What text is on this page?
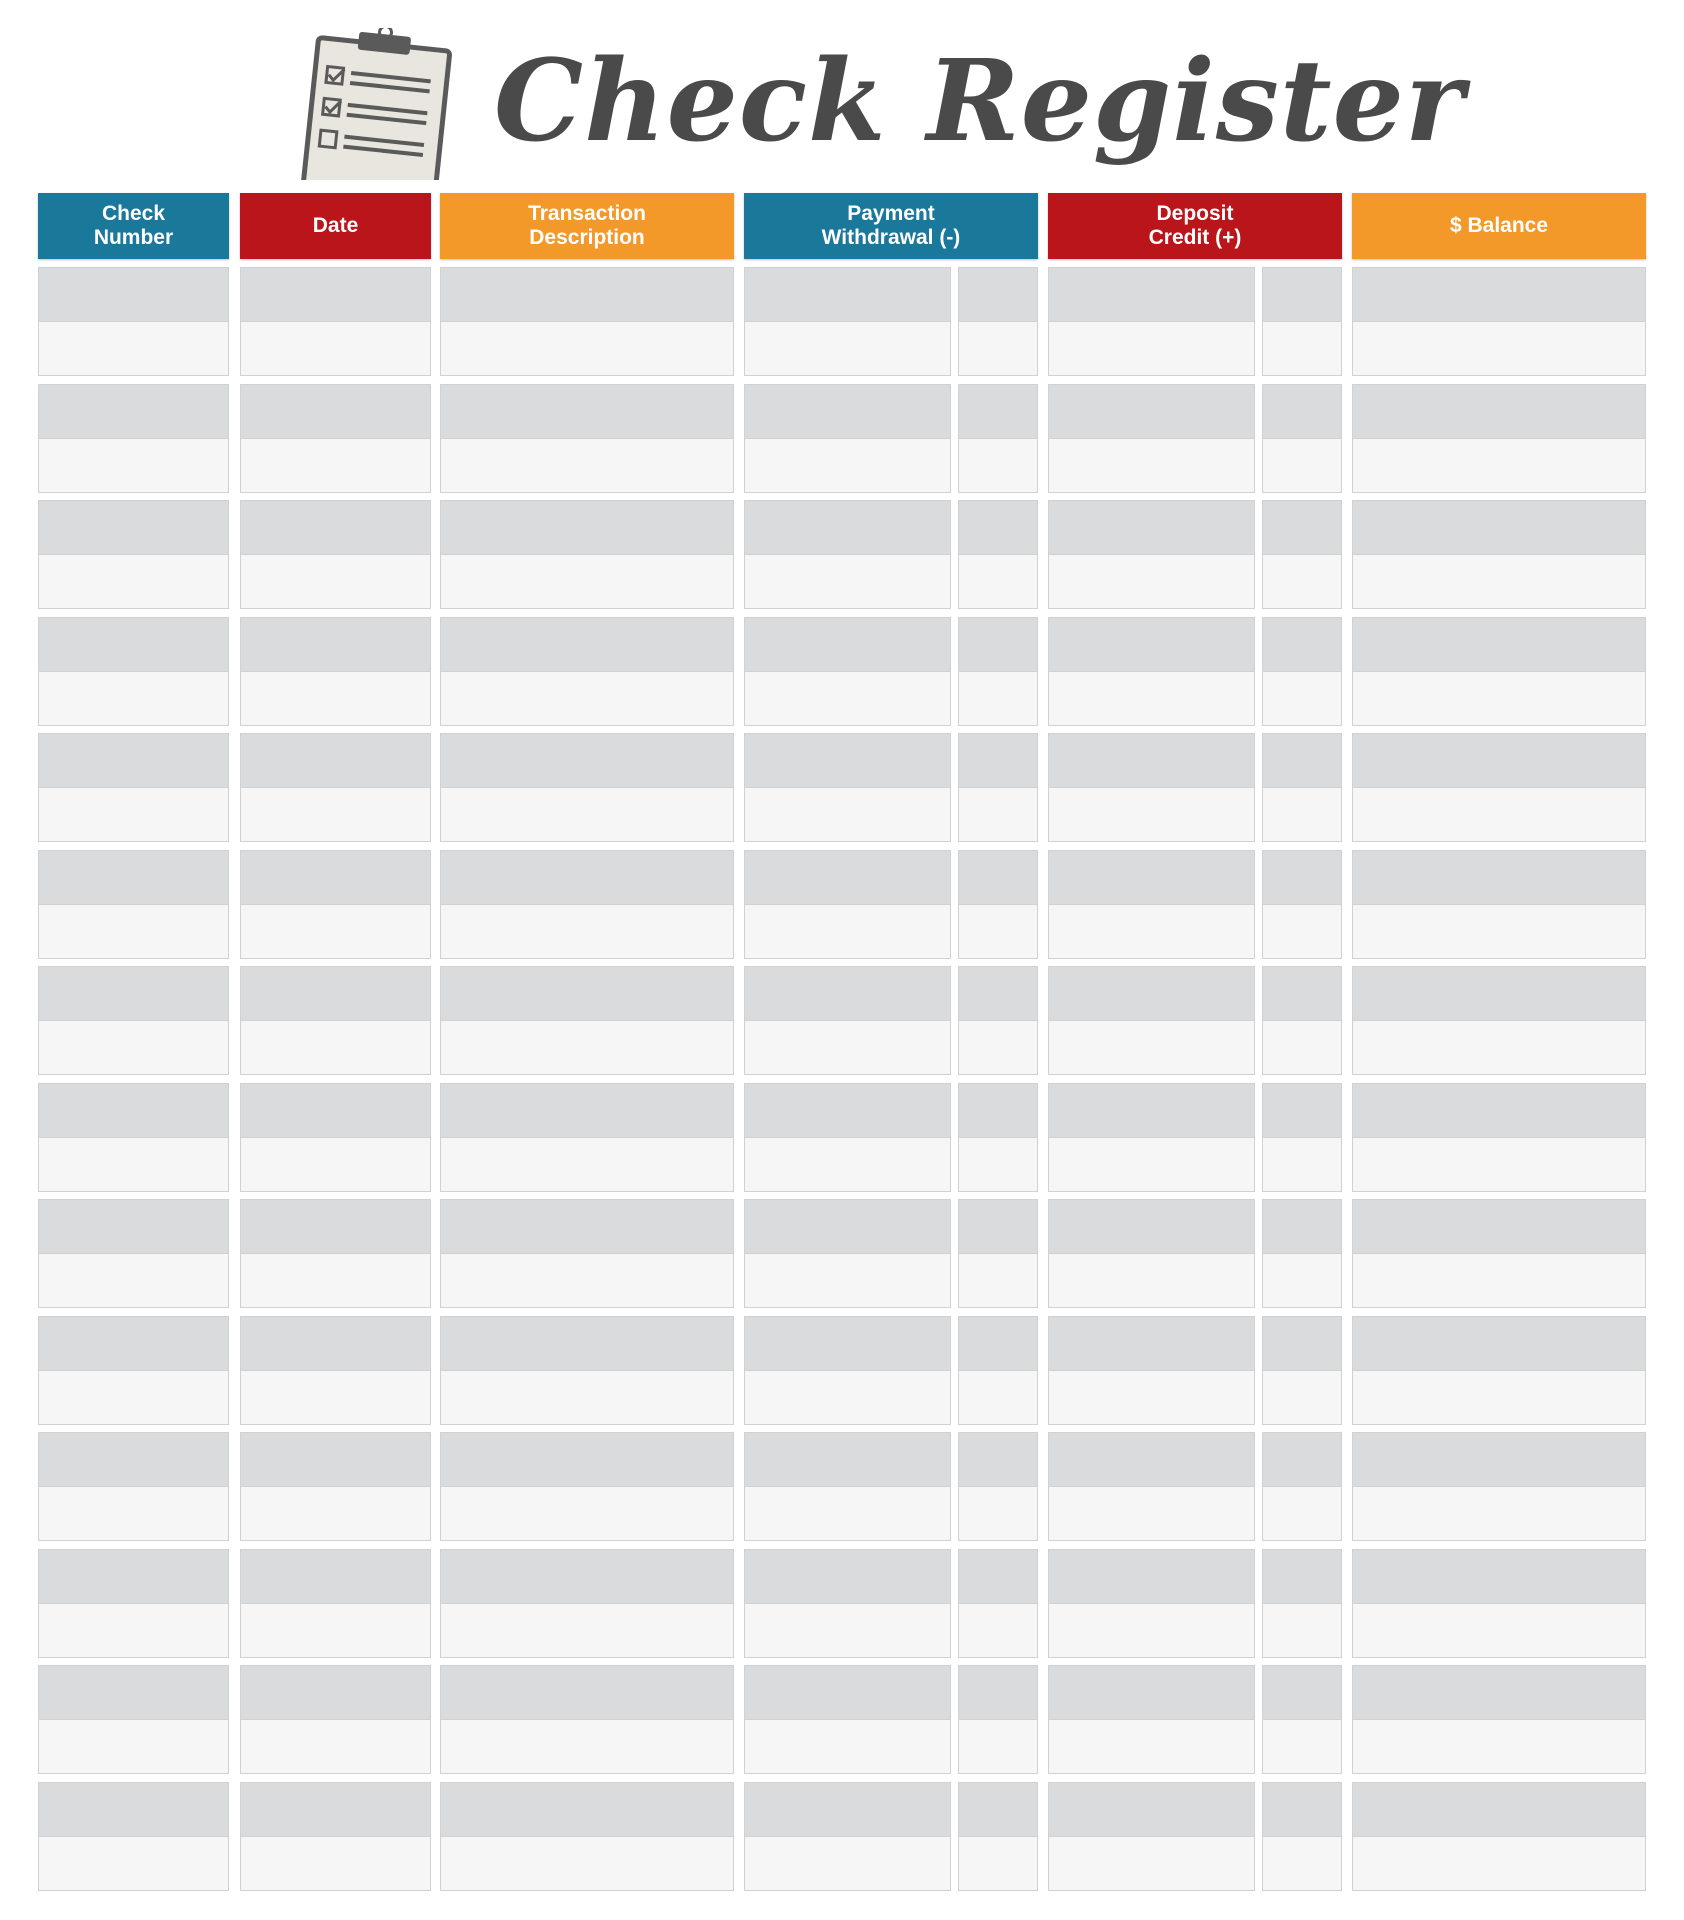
Check Register
Check
Number
Date
Transaction
Description
Payment
Withdrawal (-)
Deposit
Credit (+)
$ Balance
